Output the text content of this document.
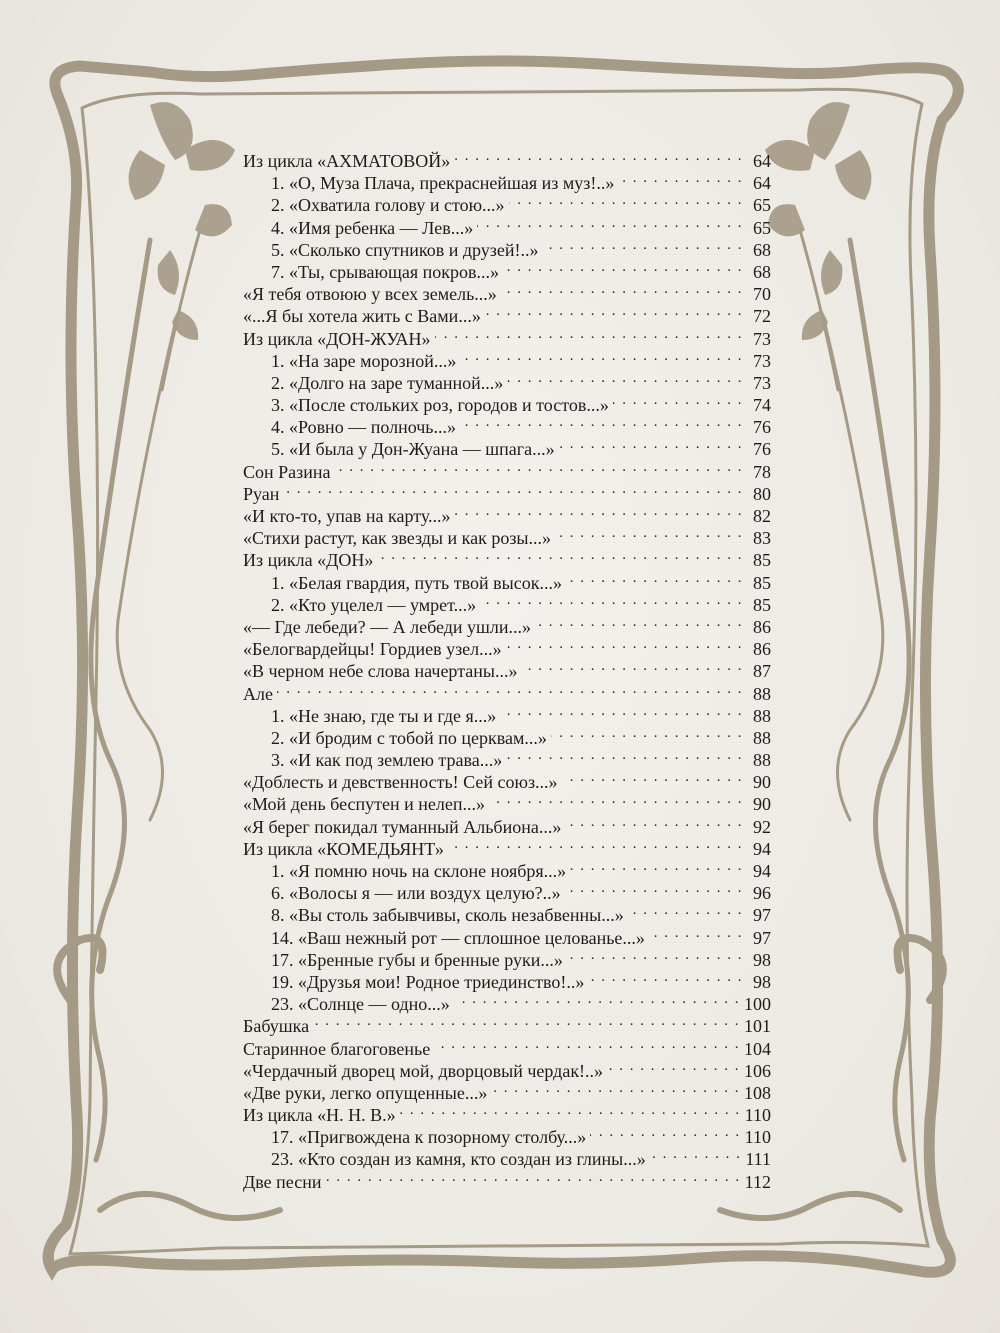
Из цикла «АХМАТОВОЙ» . . .	64
1. «О, Муза Плача, прекраснейшая из муз!..» . . .	64
2. «Охватила голову и стою...» . . .	65
4. «Имя ребенка — Лев...» . . .	65
5. «Сколько спутников и друзей!..» . . .	68
7. «Ты, срывающая покров...» . . .	68
«Я тебя отвоюю у всех земель...» . . .	70
«...Я бы хотела жить с Вами...» . . .	72
Из цикла «ДОН-ЖУАН» . . .	73
1. «На заре морозной...» . . .	73
2. «Долго на заре туманной...» . . .	73
3. «После стольких роз, городов и тостов...» . . .	74
4. «Ровно — полночь...» . . .	76
5. «И была у Дон-Жуана — шпага...» . . .	76
Сон Разина . . .	78
Руан . . .	80
«И кто-то, упав на карту...» . . .	82
«Стихи растут, как звезды и как розы...» . . .	83
Из цикла «ДОН» . . .	85
1. «Белая гвардия, путь твой высок...» . . .	85
2. «Кто уцелел — умрет...» . . .	85
«— Где лебеди? — А лебеди ушли...» . . .	86
«Белогвардейцы! Гордиев узел...» . . .	86
«В черном небе слова начертаны...» . . .	87
Але . . .	88
1. «Не знаю, где ты и где я...» . . .	88
2. «И бродим с тобой по церквам...» . . .	88
3. «И как под землею трава...» . . .	88
«Доблесть и девственность! Сей союз...» . . .	90
«Мой день беспутен и нелеп...» . . .	90
«Я берег покидал туманный Альбиона...» . . .	92
Из цикла «КОМЕДЬЯНТ» . . .	94
1. «Я помню ночь на склоне ноября...» . . .	94
6. «Волосы я — или воздух целую?..» . . .	96
8. «Вы столь забывчивы, сколь незабвенны...» . . .	97
14. «Ваш нежный рот — сплошное целованье...» . . .	97
17. «Бренные губы и бренные руки...» . . .	98
19. «Друзья мои! Родное триединство!..» . . .	98
23. «Солнце — одно...» . . .	100
Бабушка . . .	101
Старинное благоговенье . . .	104
«Чердачный дворец мой, дворцовый чердак!..» . . .	106
«Две руки, легко опущенные...» . . .	108
Из цикла «Н. Н. В.» . . .	110
17. «Пригвождена к позорному столбу...» . . .	110
23. «Кто создан из камня, кто создан из глины...» . . .	111
Две песни . . .	112
